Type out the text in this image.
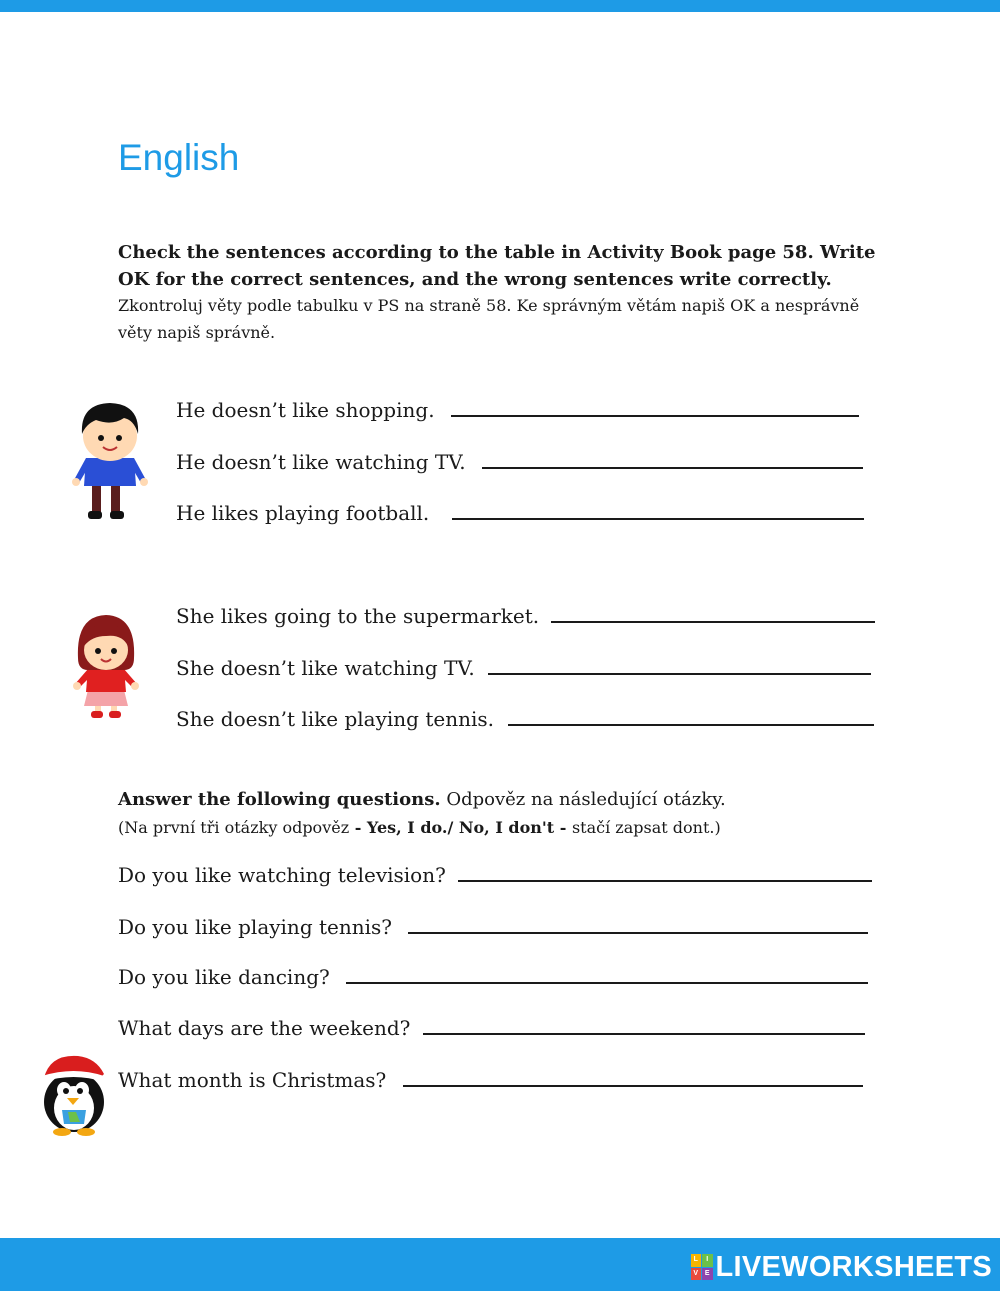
English
Check the sentences according to the table in Activity Book page 58. Write OK for the correct sentences, and the wrong sentences write correctly.
Zkontroluj věty podle tabulku v PS na straně 58. Ke správným větám napiš OK a nesprávně věty napiš správně.
He doesn’t like shopping.
He doesn’t like watching TV.
He likes playing football.
She likes going to the supermarket.
She doesn’t like watching TV.
She doesn’t like playing tennis.
Answer the following questions. Odpověz na následující otázky.
(Na první tři otázky odpověz - Yes, I do./ No, I don't - stačí zapsat dont.)
Do you like watching television?
Do you like playing tennis?
Do you like dancing?
What days are the weekend?
What month is Christmas?
L	I
V E LIVEWORKSHEETS
